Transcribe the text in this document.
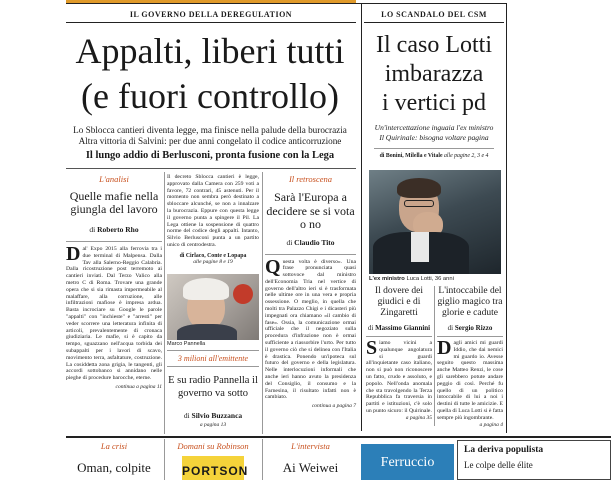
IL GOVERNO DELLA DEREGULATION
Appalti, liberi tutti
(e fuori controllo)
Lo Sblocca cantieri diventa legge, ma finisce nella palude della burocrazia
Altra vittoria di Salvini: per due anni congelato il codice anticorruzione
Il lungo addio di Berlusconi, pronta fusione con la Lega
L'analisi
Quelle mafie nella giungla del lavoro
di Roberto Rho
D al' Expo 2015 alla ferrovia tra i due terminal di Malpensa. Dalla Tav alla Salerno-Reggio Calabria. Dalla ricostruzione post terremoto ai cantieri inviati. Dal Terzo Valico alla metro C di Roma. Trovare una grande opera che si sia rimasta impermeabile al malaffare, alla corruzione, alle infiltrazioni mafiose è impresa ardua. Basta incrociare su Google le parole "appalti" con "inchieste" e "arresti" per veder scorrere una letteratura infinita di articoli, prevalentemente di cronaca giudiziaria. Le mafie, si è capito da tempo, sguazzano nell'acqua torbida dei subappalti per i lavori di scavo, movimento terra, asfaltature, costruzione. La cosiddetta zona grigia, le tangenti, gli accordi sottobanco si annidano nelle pieghe di procedure barocche, eterne.
continua a pagina 11
Il decreto Sblocca cantieri è legge, approvato dalla Camera con 259 voti a favore, 72 contrari, 45 astenuti. Per il momento non sembra però destinato a sbloccare alcunché, se non a innalzare la burocrazia. Eppure con questa legge il governo punta a spingere il Pil. La Lega ottiene la sospensione di quattro norme del codice degli appalti. Intanto, Silvio Berlusconi punta a un partito unico di centrodestra.
di Cirlaco, Conte e Lopapa
alle pagine 8 e 19
Marco Pannella
3 milioni all'emittente
E su radio Pannella il governo va sotto
di Silvio Buzzanca
a pagina 13
Il retroscena
Sarà l'Europa a decidere se si vota o no
di Claudio Tito
Q uesta volta è diverso». Una frase pronunciata quasi sottovoce dal ministro dell'Economia Tria nel vertice di governo dell'altro ieri si è trasformata nelle ultime ore in una vera e propria ossessione. O meglio, in quella che molti tra Palazzo Chigi e i dicasteri più impegnati ora chiamano «il cambio di fase». Ossia, la comunicazione ormai ufficiale che il negoziato sulla procedura d'infrazione non è ormai sufficiente a riassorbire l'urto. Per tutto il governo ciò che si delinea con l'Italia è drastica. Ponendo un'ipoteca sul futuro del governo e della legislatura. Nelle interlocuzioni informali che anche ieri hanno avuto la presidenza del Consiglio, il consumo e la Farnesina, il risultato infatti non è cambiato.
continua a pagina 7
LO SCANDALO DEL CSM
Il caso Lotti
imbarazza
i vertici pd
Un'intercettazione inguaia l'ex ministro
Il Quirinale: bisogna voltare pagina
di Bonini, Milella e Vitale alle pagine 2, 3 e 4
L'ex ministro Luca Lotti, 36 anni
Il dovere dei giudici e di Zingaretti
di Massimo Giannini
S iamo vicini a qualunque angolatura si guardi all'inquietante caso italiano, non si può non riconoscere un fatto, crudo e assoluto, e popolo. Nell'onda anomala che sta travolgendo la Terza Repubblica fa traversia in partiti e istituzioni, c'è solo un punto sicuro: il Quirinale.
a pagina 35
L'intoccabile del giglio magico tra glorie e cadute
di Sergio Rizzo
D agli amici mi guardi Iddio, che dai nemici mi guardo io. Avesse seguito questo massima anche Matteo Renzi, le cose gli sarebbero potute andare peggio di così. Perché fu quello di un politico intoccabile di lui a noi i destini di tutte le amicizie. E quella di Luca Lotti si è fatta sempre più ingombrante.
a pagina 4
La crisi
Oman, colpite
Domani su Robinson
PORTSON
L'intervista
Ai Weiwei	Ferruccio
La deriva populista
Le colpe delle élite
